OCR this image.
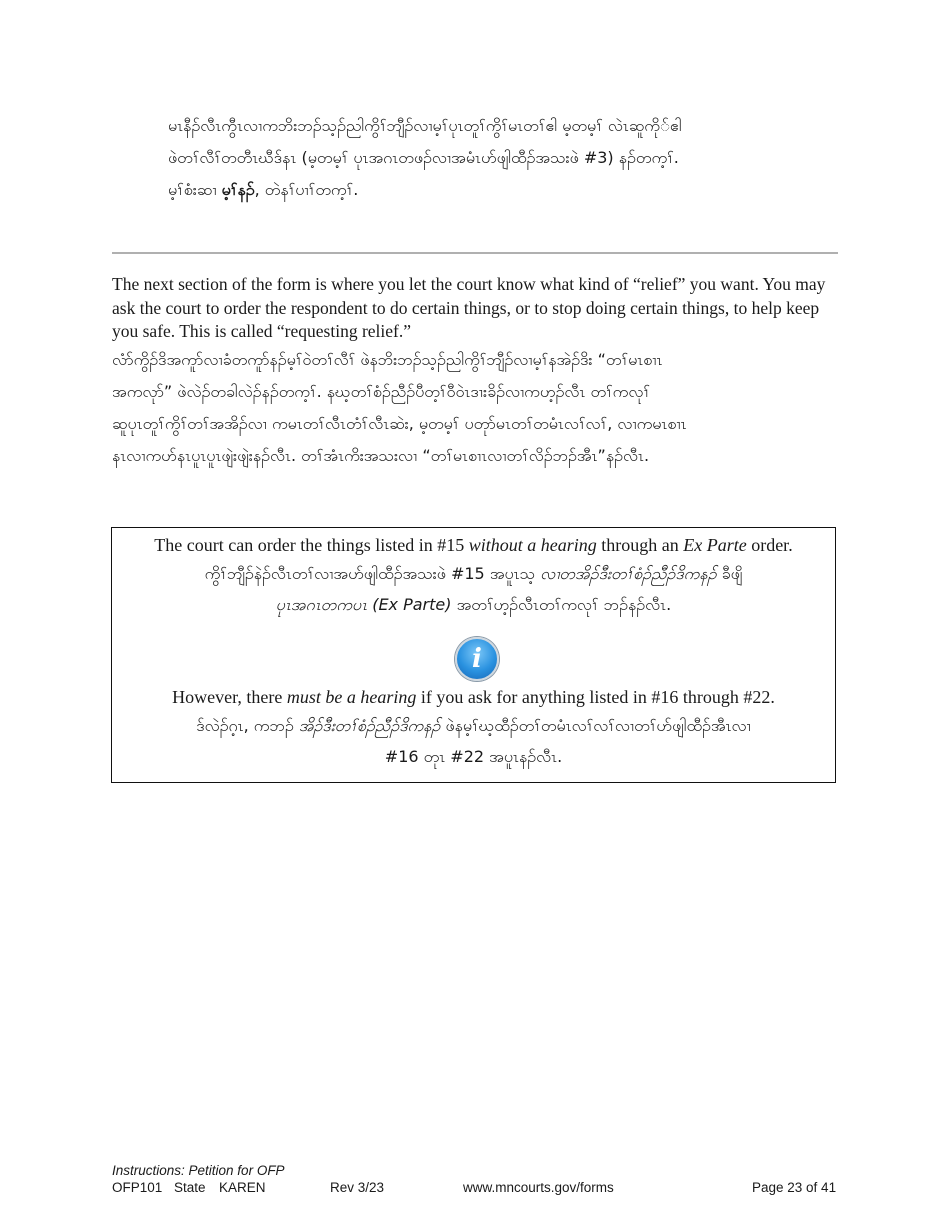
မၤနီၣ်လီၤကွီၤလၢကဘိးဘၣ်သ့ၣ်ညါကွိၢ်ဘျီၣ်လၢမ့ၢ်ပုၤတူၢ်ကွိၢ်မၤတၢ်ဧါ မ့တမ့ၢ် လဲၤဆူကို်ဧါ

ဖဲတၢ်လီၢ်တတီၤဃီဒ်နၤ (မ့တမ့ၢ် ပုၤအဂၤတဖၣ်လၢအမံၤဟ်ဖျါထီၣ်အသးဖဲ #3) နၣ်တက့ၢ်.

မ့ၢ်စံးဆၢ မ့ၢ်နၣ်, တဲနၢ်ပၢၢ်တက့ၢ်.

The next section of the form is where you let the court know what kind of “relief” you want. You may ask the court to order the respondent to do certain things, or to stop doing certain things, to help keep you safe. This is called “requesting relief.”

လံာ်ကွိၣ်ဒိအကူာ်လၢခံတကူာ်နၣ်မ့ၢ်ဝဲတၢ်လီၢ် ဖဲနဘိးဘၣ်သ့ၣ်ညါကွိၢ်ဘျီၣ်လၢမ့ၢ်နအဲၣ်ဒိး “တၢ်မၤစၢၤ

အကလုာ်” ဖဲလဲၣ်တခါလဲၣ်နၣ်တက့ၢ်. နဃ့တၢ်စံၣ်ညီၣ်ပီတ့ၢ်ဝီဝဲၤဒၢးခိၣ်လၢကဟ့ၣ်လီၤ တၢ်ကလုၢ်

ဆူပုၤတူၢ်ကွိၢ်တၢ်အအိၣ်လၢ ကမၤတၢ်လီၤတံၢ်လီၤဆဲး, မ့တမ့ၢ် ပတုာ်မၤတၢ်တမံၤလၢ်လၢ်, လၢကမၤစၢၤ

နၤလၢကဟ်နၤပူၤပူၤဖျဲးဖျဲးနၣ်လီၤ. တၢ်အံၤကိးအသးလၢ “တၢ်မၤစၢၤလၢတၢ်လိၣ်ဘၣ်အီၤ”နၣ်လီၤ.

The court can order the things listed in #15 without a hearing through an Ex Parte order.

ကွိၢ်ဘျီၣ်နဲၣ်လီၤတၢ်လၢအဟ်ဖျါထီၣ်အသးဖဲ #15 အပူၤသ့ လၢတအိၣ်ဒီးတၢ်စံၣ်ညီၣ်ဒိကနၣ် ခီဖျိ

ပုၤအဂၤတကပၤ (Ex Parte) အတၢ်ဟ့ၣ်လီၤတၢ်ကလုၢ် ဘၣ်နၣ်လီၤ.

i

However, there must be a hearing if you ask for anything listed in #16 through #22.

ဒ်လဲၣ်ဂ့ၤ, ကဘၣ် အိၣ်ဒီးတၢ်စံၣ်ညီၣ်ဒိကနၣ် ဖဲနမ့ၢ်ဃ့ထီၣ်တၢ်တမံၤလၢ်လၢ်လၢတၢ်ဟ်ဖျါထီၣ်အီၤလၢ

#16 တုၤ #22 အပူၤနၣ်လီၤ.

Instructions: Petition for OFP
OFP101 State KAREN	Rev 3/23	www.mncourts.gov/forms	Page 23 of 41
